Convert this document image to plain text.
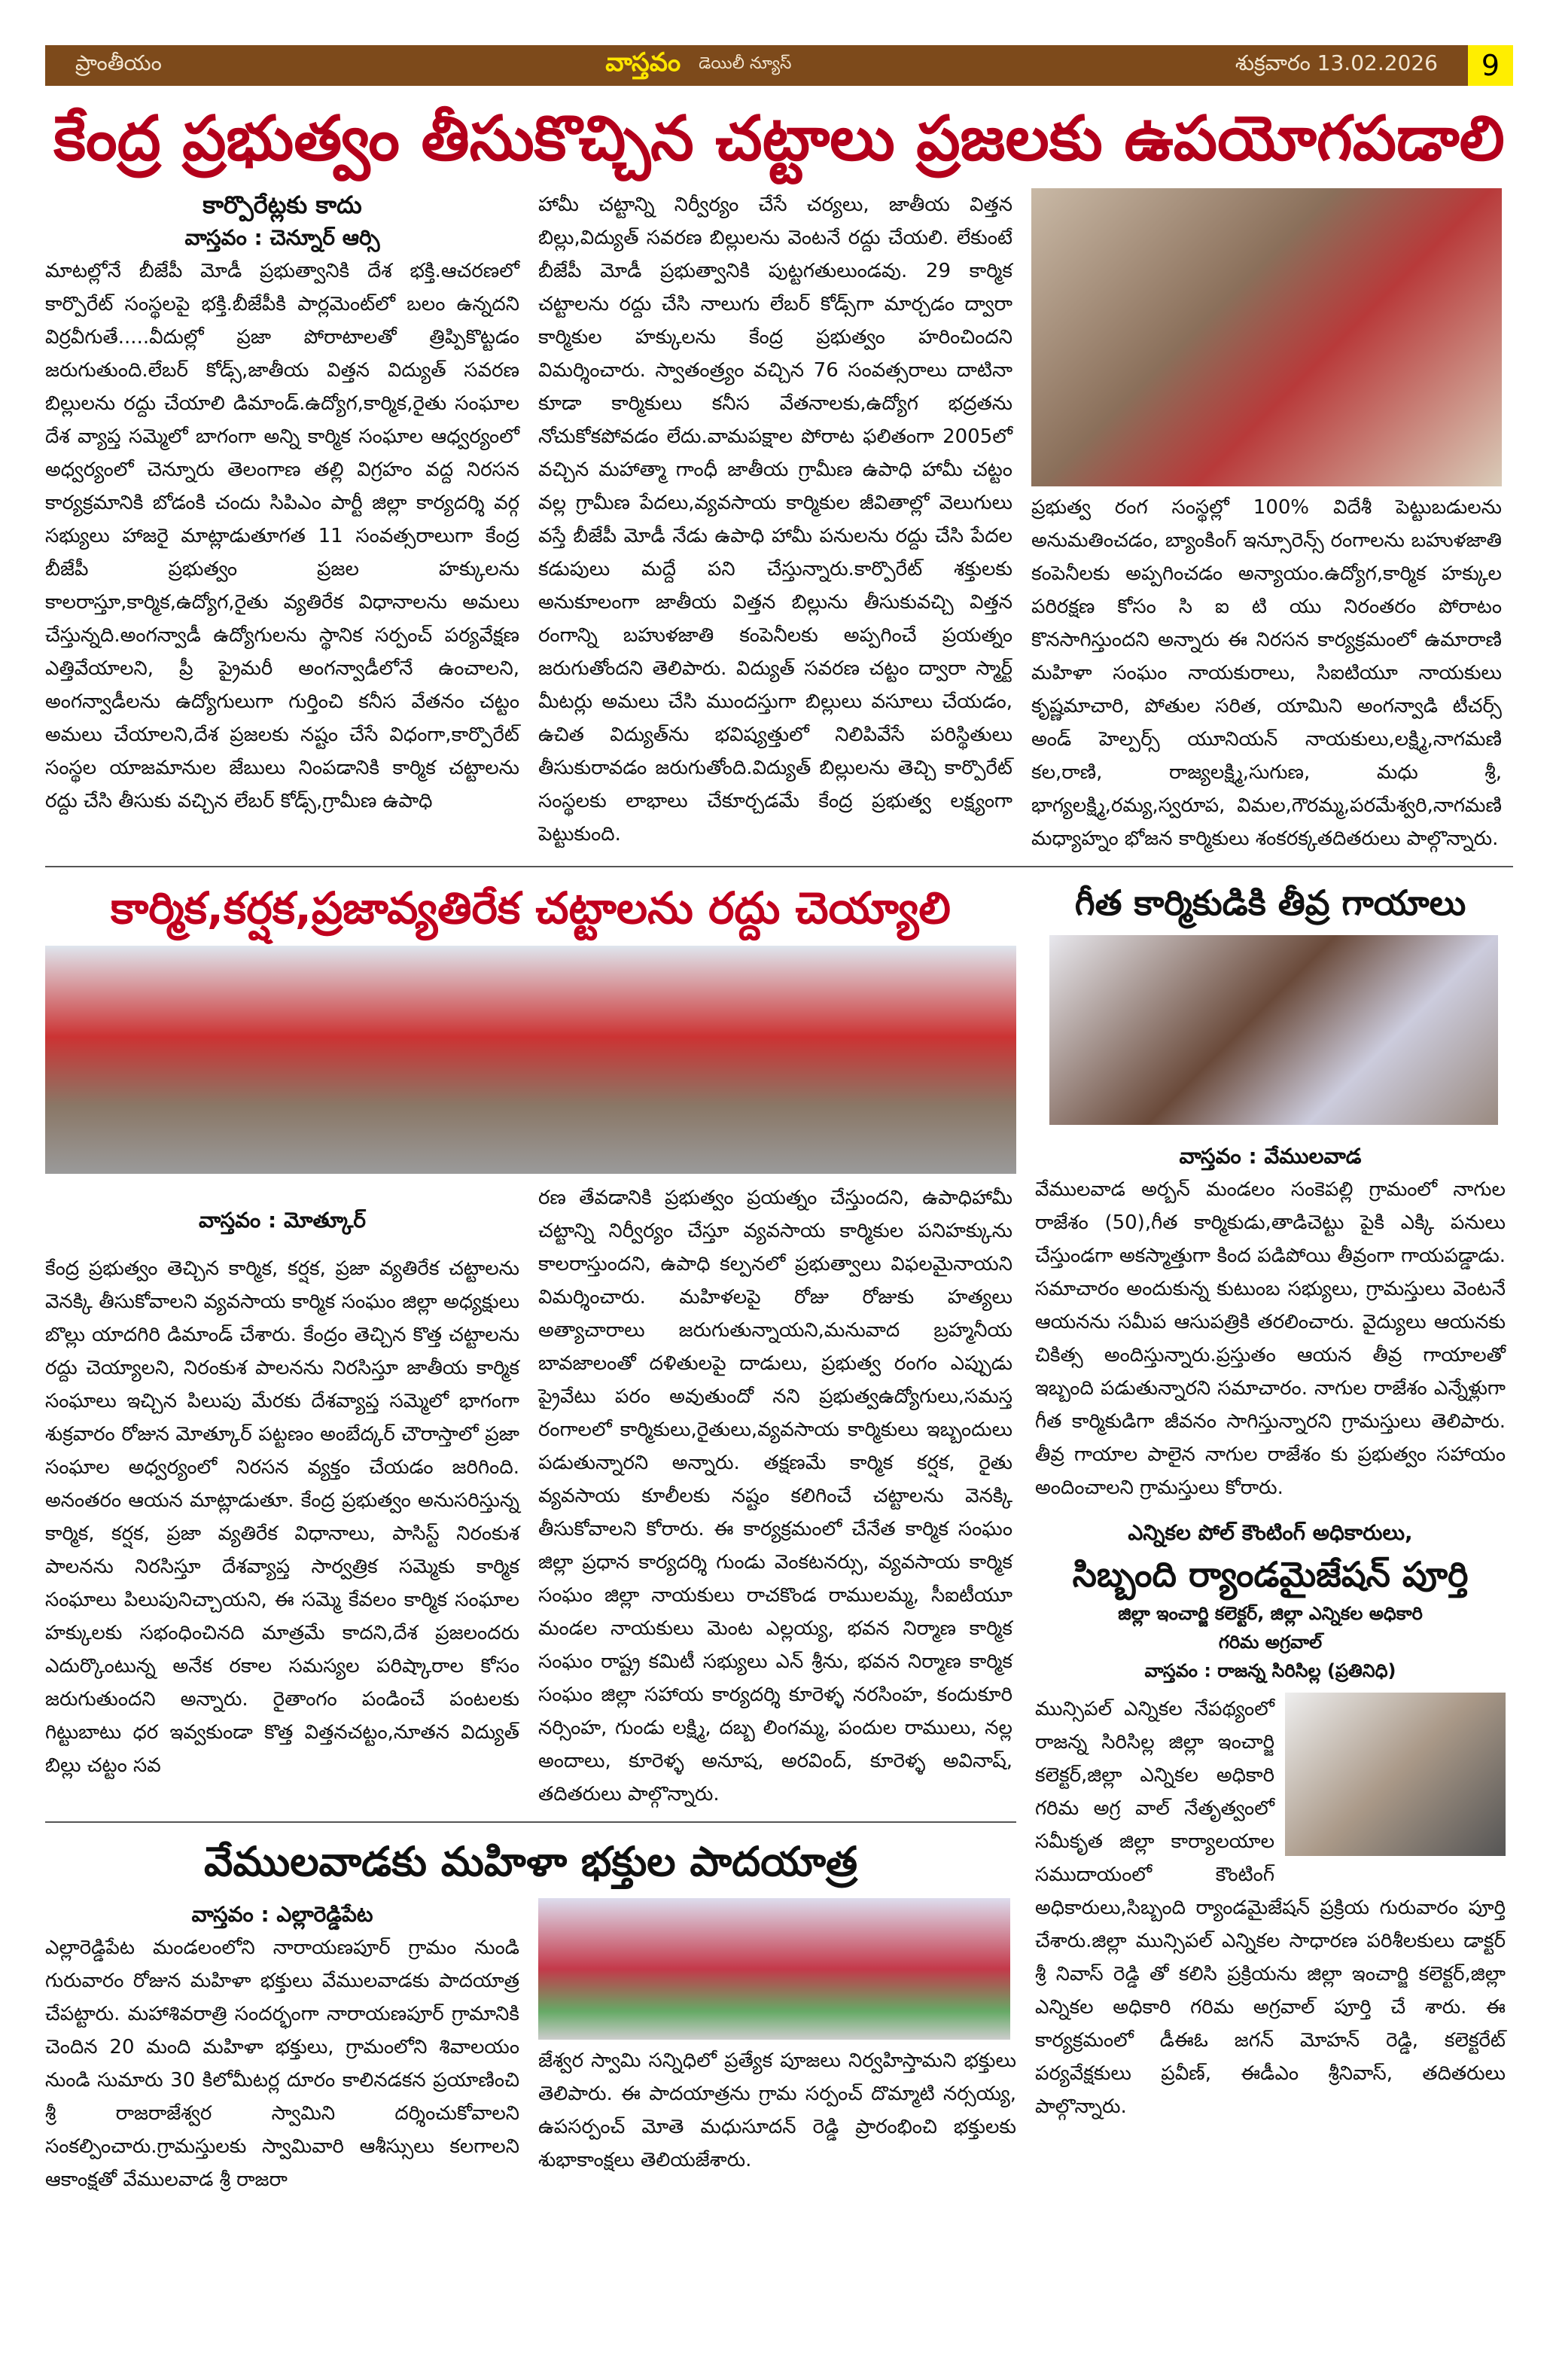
ప్రాంతీయం	వాస్తవం డెయిలీ న్యూస్	శుక్రవారం 13.02.2026	9
కేంద్ర ప్రభుత్వం తీసుకొచ్చిన చట్టాలు ప్రజలకు ఉపయోగపడాలి
కార్పొరేట్లకు కాదు
వాస్తవం : చెన్నూర్ ఆర్సి
మాటల్లోనే బీజేపీ మోడీ ప్రభుత్వానికి దేశ భక్తి.ఆచరణలో కార్పొరేట్ సంస్థలపై భక్తి.బీజేపీకి పార్లమెంట్‌లో బలం ఉన్నదని విర్రవీగుతే.....వీదుల్లో ప్రజా పోరాటాలతో త్రిప్పికొట్టడం జరుగుతుంది.లేబర్ కోడ్స్,జాతీయ విత్తన విద్యుత్ సవరణ బిల్లులను రద్దు చేయాలి డిమాండ్.ఉద్యోగ,కార్మిక,రైతు సంఘాల దేశ వ్యాప్త సమ్మెలో బాగంగా అన్ని కార్మిక సంఘాల ఆధ్వర్యంలో అధ్వర్యంలో చెన్నూరు తెలంగాణ తల్లి విగ్రహం వద్ద నిరసన కార్యక్రమానికి బోడంకి చందు సిపిఎం పార్టీ జిల్లా కార్యదర్శి వర్గ సభ్యులు హాజరై మాట్లాడుతూగత 11 సంవత్సరాలుగా కేంద్ర బీజేపీ ప్రభుత్వం ప్రజల హక్కులను కాలరాస్తూ,కార్మిక,ఉద్యోగ,రైతు వ్యతిరేక విధానాలను అమలు చేస్తున్నది.అంగన్వాడీ ఉద్యోగులను స్థానిక సర్పంచ్ పర్యవేక్షణ ఎత్తివేయాలని, ప్రీ ప్రైమరీ అంగన్వాడీలోనే ఉంచాలని, అంగన్వాడీలను ఉద్యోగులుగా గుర్తించి కనీస వేతనం చట్టం అమలు చేయాలని,దేశ ప్రజలకు నష్టం చేసే విధంగా,కార్పొరేట్ సంస్థల యాజమానుల జేబులు నింపడానికి కార్మిక చట్టాలను రద్దు చేసి తీసుకు వచ్చిన లేబర్ కోడ్స్,గ్రామీణ ఉపాధి
హామీ చట్టాన్ని నిర్వీర్యం చేసే చర్యలు, జాతీయ విత్తన బిల్లు,విద్యుత్ సవరణ బిల్లులను వెంటనే రద్దు చేయలి. లేకుంటే బీజేపీ మోడీ ప్రభుత్వానికి పుట్టగతులుండవు. 29 కార్మిక చట్టాలను రద్దు చేసి నాలుగు లేబర్ కోడ్స్‌గా మార్చడం ద్వారా కార్మికుల హక్కులను కేంద్ర ప్రభుత్వం హరించిందని విమర్శించారు. స్వాతంత్ర్యం వచ్చిన 76 సంవత్సరాలు దాటినా కూడా కార్మికులు కనీస వేతనాలకు,ఉద్యోగ భద్రతను నోచుకోకపోవడం లేదు.వామపక్షాల పోరాట ఫలితంగా 2005లో వచ్చిన మహాత్మా గాంధీ జాతీయ గ్రామీణ ఉపాధి హామీ చట్టం వల్ల గ్రామీణ పేదలు,వ్యవసాయ కార్మికుల జీవితాల్లో వెలుగులు వస్తే బీజేపీ మోడీ నేడు ఉపాధి హామీ పనులను రద్దు చేసి పేదల కడుపులు మద్దే పని చేస్తున్నారు.కార్పొరేట్ శక్తులకు అనుకూలంగా జాతీయ విత్తన బిల్లును తీసుకువచ్చి విత్తన రంగాన్ని బహుళజాతి కంపెనీలకు అప్పగించే ప్రయత్నం జరుగుతోందని తెలిపారు. విద్యుత్ సవరణ చట్టం ద్వారా స్మార్ట్ మీటర్లు అమలు చేసి ముందస్తుగా బిల్లులు వసూలు చేయడం, ఉచిత విద్యుత్‌ను భవిష్యత్తులో నిలిపివేసే పరిస్థితులు తీసుకురావడం జరుగుతోంది.విద్యుత్ బిల్లులను తెచ్చి కార్పొరేట్ సంస్థలకు లాభాలు చేకూర్చడమే కేంద్ర ప్రభుత్వ లక్ష్యంగా పెట్టుకుంది.
ప్రభుత్వ రంగ సంస్థల్లో 100% విదేశీ పెట్టుబడులను అనుమతించడం, బ్యాంకింగ్ ఇన్సూరెన్స్ రంగాలను బహుళజాతి కంపెనీలకు అప్పగించడం అన్యాయం.ఉద్యోగ,కార్మిక హక్కుల పరిరక్షణ కోసం సి ఐ టి యు నిరంతరం పోరాటం కొనసాగిస్తుందని అన్నారు ఈ నిరసన కార్యక్రమంలో ఉమారాణి మహిళా సంఘం నాయకురాలు, సిఐటియూ నాయకులు కృష్ణమాచారి, పోతుల సరిత, యామిని అంగన్వాడి టీచర్స్ అండ్ హెల్పర్స్ యూనియన్ నాయకులు,లక్ష్మి,నాగమణి కల,రాణి, రాజ్యలక్ష్మి,సుగుణ, మధు శ్రీ, భాగ్యలక్ష్మి,రమ్య,స్వరూప, విమల,గౌరమ్మ,పరమేశ్వరి,నాగమణి మధ్యాహ్నం భోజన కార్మికులు శంకరక్కతదితరులు పాల్గొన్నారు.
కార్మిక,కర్షక,ప్రజావ్యతిరేక చట్టాలను రద్దు చెయ్యాలి
వాస్తవం : మోత్కూర్
కేంద్ర ప్రభుత్వం తెచ్చిన కార్మిక, కర్షక, ప్రజా వ్యతిరేక చట్టాలను వెనక్కి తీసుకోవాలని వ్యవసాయ కార్మిక సంఘం జిల్లా అధ్యక్షులు బొల్లు యాదగిరి డిమాండ్ చేశారు. కేంద్రం తెచ్చిన కొత్త చట్టాలను రద్దు చెయ్యాలని, నిరంకుశ పాలనను నిరసిస్తూ జాతీయ కార్మిక సంఘాలు ఇచ్చిన పిలుపు మేరకు దేశవ్యాప్త సమ్మెలో భాగంగా శుక్రవారం రోజున మోత్కూర్ పట్టణం అంబేద్కర్ చౌరాస్తాలో ప్రజా సంఘాల అధ్వర్యంలో నిరసన వ్యక్తం చేయడం జరిగింది. అనంతరం ఆయన మాట్లాడుతూ. కేంద్ర ప్రభుత్వం అనుసరిస్తున్న కార్మిక, కర్షక, ప్రజా వ్యతిరేక విధానాలు, పాసిస్ట్ నిరంకుశ పాలనను నిరసిస్తూ దేశవ్యాప్త సార్వత్రిక సమ్మెకు కార్మిక సంఘాలు పిలుపునిచ్చాయని, ఈ సమ్మె కేవలం కార్మిక సంఘాల హక్కులకు సభంధించినది మాత్రమే కాదని,దేశ ప్రజలందరు ఎదుర్కొంటున్న అనేక రకాల సమస్యల పరిష్కారాల కోసం జరుగుతుందని అన్నారు. రైతాంగం పండించే పంటలకు గిట్టుబాటు ధర ఇవ్వకుండా కొత్త విత్తనచట్టం,నూతన విద్యుత్ బిల్లు చట్టం సవ
రణ తేవడానికి ప్రభుత్వం ప్రయత్నం చేస్తుందని, ఉపాధిహామీ చట్టాన్ని నిర్వీర్యం చేస్తూ వ్యవసాయ కార్మికుల పనిహక్కును కాలరాస్తుందని, ఉపాధి కల్పనలో ప్రభుత్వాలు విఫలమైనాయని విమర్శించారు. మహిళలపై రోజు రోజుకు హత్యలు అత్యాచారాలు జరుగుతున్నాయని,మనువాద బ్రహ్మనీయ బావజాలంతో దళితులపై దాడులు, ప్రభుత్వ రంగం ఎప్పుడు ప్రైవేటు పరం అవుతుందో నని ప్రభుత్వఉద్యోగులు,సమస్త రంగాలలో కార్మికులు,రైతులు,వ్యవసాయ కార్మికులు ఇబ్బందులు పడుతున్నారని అన్నారు. తక్షణమే కార్మిక కర్షక, రైతు వ్యవసాయ కూలీలకు నష్టం కలిగించే చట్టాలను వెనక్కి తీసుకోవాలని కోరారు. ఈ కార్యక్రమంలో చేనేత కార్మిక సంఘం జిల్లా ప్రధాన కార్యదర్శి గుండు వెంకటనర్సు, వ్యవసాయ కార్మిక సంఘం జిల్లా నాయకులు రాచకొండ రాములమ్మ, సీఐటీయూ మండల నాయకులు మెంట ఎల్లయ్య, భవన నిర్మాణ కార్మిక సంఘం రాష్ట్ర కమిటీ సభ్యులు ఎన్ శ్రీను, భవన నిర్మాణ కార్మిక సంఘం జిల్లా సహాయ కార్యదర్శి కూరెళ్ళ నరసింహ, కందుకూరి నర్సింహ, గుండు లక్ష్మి, దబ్బ లింగమ్మ, పందుల రాములు, నల్ల అందాలు, కూరెళ్ళ అనూష, అరవింద్, కూరెళ్ళ అవినాష్, తదితరులు పాల్గొన్నారు.
వేములవాడకు మహిళా భక్తుల పాదయాత్ర
వాస్తవం : ఎల్లారెడ్డిపేట
ఎల్లారెడ్డిపేట మండలంలోని నారాయణపూర్ గ్రామం నుండి గురువారం రోజున మహిళా భక్తులు వేములవాడకు పాదయాత్ర చేపట్టారు. మహాశివరాత్రి సందర్భంగా నారాయణపూర్ గ్రామానికి చెందిన 20 మంది మహిళా భక్తులు, గ్రామంలోని శివాలయం నుండి సుమారు 30 కిలోమీటర్ల దూరం కాలినడకన ప్రయాణించి శ్రీ రాజరాజేశ్వర స్వామిని దర్శించుకోవాలని సంకల్పించారు.గ్రామస్తులకు స్వామివారి ఆశీస్సులు కలగాలని ఆకాంక్షతో వేములవాడ శ్రీ రాజరా
జేశ్వర స్వామి సన్నిధిలో ప్రత్యేక పూజలు నిర్వహిస్తామని భక్తులు తెలిపారు. ఈ పాదయాత్రను గ్రామ సర్పంచ్ దొమ్మాటి నర్సయ్య, ఉపసర్పంచ్ మోతె మధుసూదన్ రెడ్డి ప్రారంభించి భక్తులకు శుభాకాంక్షలు తెలియజేశారు.
గీత కార్మికుడికి తీవ్ర గాయాలు
వాస్తవం : వేములవాడ
వేములవాడ అర్బన్ మండలం సంకెపల్లి గ్రామంలో నాగుల రాజేశం (50),గీత కార్మికుడు,తాడిచెట్టు పైకి ఎక్కి పనులు చేస్తుండగా అకస్మాత్తుగా కింద పడిపోయి తీవ్రంగా గాయపడ్డాడు. సమాచారం అందుకున్న కుటుంబ సభ్యులు, గ్రామస్తులు వెంటనే ఆయనను సమీప ఆసుపత్రికి తరలించారు. వైద్యులు ఆయనకు చికిత్స అందిస్తున్నారు.ప్రస్తుతం ఆయన తీవ్ర గాయాలతో ఇబ్బంది పడుతున్నారని సమాచారం. నాగుల రాజేశం ఎన్నేళ్లుగా గీత కార్మికుడిగా జీవనం సాగిస్తున్నారని గ్రామస్తులు తెలిపారు. తీవ్ర గాయాల పాలైన నాగుల రాజేశం కు ప్రభుత్వం సహాయం అందించాలని గ్రామస్తులు కోరారు.
ఎన్నికల పోల్ కౌంటింగ్ అధికారులు,
సిబ్బంది ర్యాండమైజేషన్ పూర్తి
జిల్లా ఇంచార్జి కలెక్టర్, జిల్లా ఎన్నికల అధికారి
గరిమ అగ్రవాల్
వాస్తవం : రాజన్న సిరిసిల్ల (ప్రతినిధి)
మున్సిపల్ ఎన్నికల నేపథ్యంలో రాజన్న సిరిసిల్ల జిల్లా ఇంచార్జి కలెక్టర్,జిల్లా ఎన్నికల అధికారి గరిమ అగ్ర వాల్ నేతృత్వంలో సమీకృత జిల్లా కార్యాలయాల సముదాయంలో కౌంటింగ్ అధికారులు,సిబ్బంది ర్యాండమైజేషన్ ప్రక్రియ గురువారం పూర్తి చేశారు.జిల్లా మున్సిపల్ ఎన్నికల సాధారణ పరిశీలకులు డాక్టర్ శ్రీ నివాస్ రెడ్డి తో కలిసి ప్రక్రియను జిల్లా ఇంచార్జి కలెక్టర్,జిల్లా ఎన్నికల అధికారి గరిమ అగ్రవాల్ పూర్తి చే శారు. ఈ కార్యక్రమంలో డీఈఓ జగన్ మోహన్ రెడ్డి, కలెక్టరేట్ పర్యవేక్షకులు ప్రవీణ్, ఈడీఎం శ్రీనివాస్, తదితరులు పాల్గొన్నారు.
